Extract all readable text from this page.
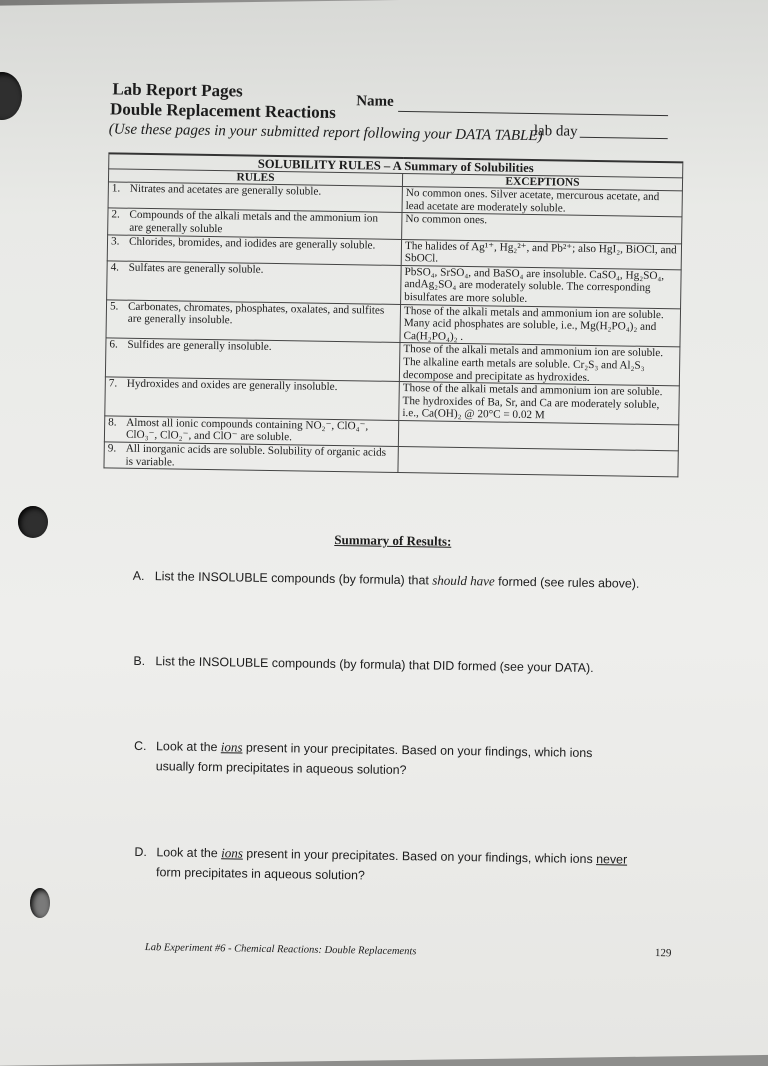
Lab Report Pages
Double Replacement Reactions
(Use these pages in your submitted report following your DATA TABLE)
Name
lab day
SOLUBILITY RULES – A Summary of Solubilities	
RULES	EXCEPTIONS
1. Nitrates and acetates are generally soluble.	No common ones. Silver acetate, mercurous acetate, and lead acetate are moderately soluble.
2. Compounds of the alkali metals and the ammonium ion are generally soluble	No common ones.
3. Chlorides, bromides, and iodides are generally soluble.	The halides of Ag¹⁺, Hg₂²⁺, and Pb²⁺; also HgI₂, BiOCl, and SbOCl.
4. Sulfates are generally soluble.	PbSO₄, SrSO₄, and BaSO₄ are insoluble. CaSO₄, Hg₂SO₄, andAg₂SO₄ are moderately soluble. The corresponding bisulfates are more soluble.
5. Carbonates, chromates, phosphates, oxalates, and sulfites are generally insoluble.	Those of the alkali metals and ammonium ion are soluble. Many acid phosphates are soluble, i.e., Mg(H₂PO₄)₂ and Ca(H₂PO₄)₂ .
6. Sulfides are generally insoluble.	Those of the alkali metals and ammonium ion are soluble. The alkaline earth metals are soluble. Cr₂S₃ and Al₂S₃ decompose and precipitate as hydroxides.
7. Hydroxides and oxides are generally insoluble.	Those of the alkali metals and ammonium ion are soluble. The hydroxides of Ba, Sr, and Ca are moderately soluble, i.e., Ca(OH)₂ @ 20°C = 0.02 M
8. Almost all ionic compounds containing NO₂⁻, ClO₄⁻, ClO₃⁻, ClO₂⁻, and ClO⁻ are soluble.	
9. All inorganic acids are soluble. Solubility of organic acids is variable.	
Summary of Results:
A. List the INSOLUBLE compounds (by formula) that should have formed (see rules above).
B. List the INSOLUBLE compounds (by formula) that DID formed (see your DATA).
C. Look at the ions present in your precipitates. Based on your findings, which ions
usually form precipitates in aqueous solution?
D. Look at the ions present in your precipitates. Based on your findings, which ions never
form precipitates in aqueous solution?
Lab Experiment #6 - Chemical Reactions: Double Replacements	129
